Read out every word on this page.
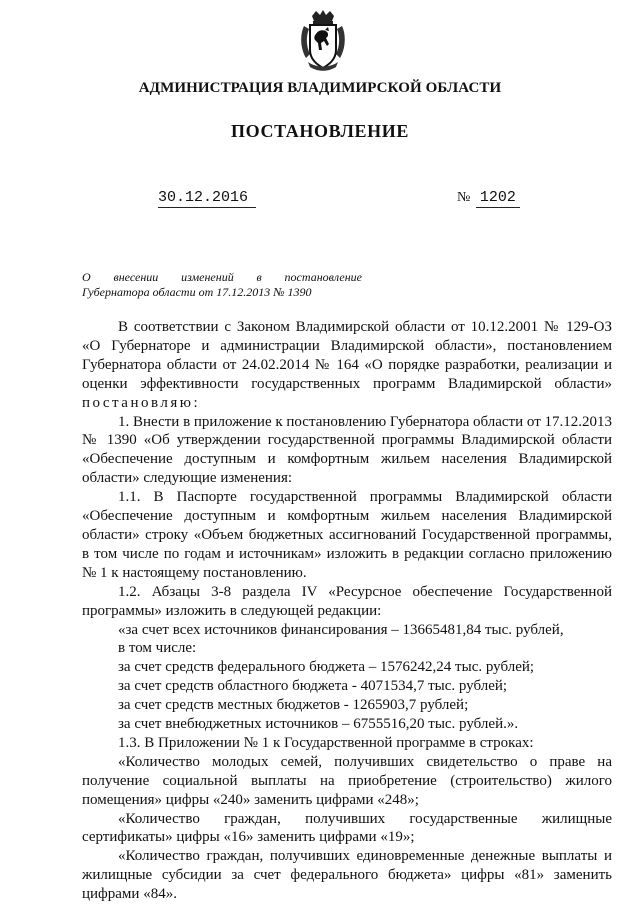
АДМИНИСТРАЦИЯ ВЛАДИМИРСКОЙ ОБЛАСТИ
ПОСТАНОВЛЕНИЕ
30.12.2016	№ 1202
О внесении изменений в постановление
Губернатора области от 17.12.2013 № 1390

В соответствии с Законом Владимирской области от 10.12.2001 № 129-ОЗ «О Губернаторе и администрации Владимирской области», постановлением Губернатора области от 24.02.2014 № 164 «О порядке разработки, реализации и оценки эффективности государственных программ Владимирской области» постановляю:

1. Внести в приложение к постановлению Губернатора области от 17.12.2013 № 1390 «Об утверждении государственной программы Владимирской области «Обеспечение доступным и комфортным жильем населения Владимирской области» следующие изменения:

1.1. В Паспорте государственной программы Владимирской области «Обеспечение доступным и комфортным жильем населения Владимирской области» строку «Объем бюджетных ассигнований Государственной программы, в том числе по годам и источникам» изложить в редакции согласно приложению № 1 к настоящему постановлению.

1.2. Абзацы 3-8 раздела IV «Ресурсное обеспечение Государственной программы» изложить в следующей редакции:

«за счет всех источников финансирования – 13665481,84 тыс. рублей,

в том числе:

за счет средств федерального бюджета – 1576242,24 тыс. рублей;

за счет средств областного бюджета - 4071534,7 тыс. рублей;

за счет средств местных бюджетов - 1265903,7 рублей;

за счет внебюджетных источников – 6755516,20 тыс. рублей.».

1.3. В Приложении № 1 к Государственной программе в строках:

«Количество молодых семей, получивших свидетельство о праве на получение социальной выплаты на приобретение (строительство) жилого помещения» цифры «240» заменить цифрами «248»;

«Количество граждан, получивших государственные жилищные сертификаты» цифры «16» заменить цифрами «19»;

«Количество граждан, получивших единовременные денежные выплаты и жилищные субсидии за счет федерального бюджета» цифры «81» заменить цифрами «84».
